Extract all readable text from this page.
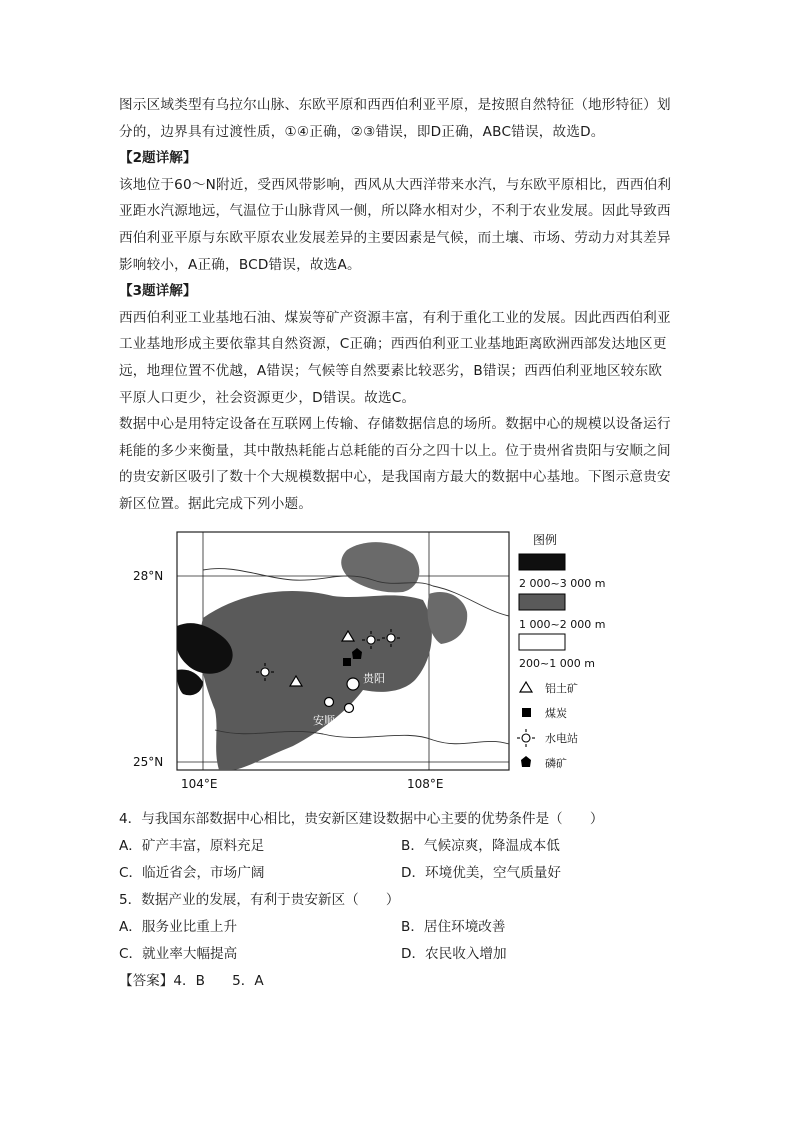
图示区域类型有乌拉尔山脉、东欧平原和西西伯利亚平原，是按照自然特征（地形特征）划

分的，边界具有过渡性质，①④正确，②③错误，即D正确，ABC错误，故选D。

【2题详解】

该地位于60～N附近，受西风带影响，西风从大西洋带来水汽，与东欧平原相比，西西伯利

亚距水汽源地远，气温位于山脉背风一侧，所以降水相对少，不利于农业发展。因此导致西

西伯利亚平原与东欧平原农业发展差异的主要因素是气候，而土壤、市场、劳动力对其差异

影响较小，A正确，BCD错误，故选A。

【3题详解】

西西伯利亚工业基地石油、煤炭等矿产资源丰富，有利于重化工业的发展。因此西西伯利亚

工业基地形成主要依靠其自然资源，C正确；西西伯利亚工业基地距离欧洲西部发达地区更

远，地理位置不优越，A错误；气候等自然要素比较恶劣，B错误；西西伯利亚地区较东欧

平原人口更少，社会资源更少，D错误。故选C。

数据中心是用特定设备在互联网上传输、存储数据信息的场所。数据中心的规模以设备运行

耗能的多少来衡量，其中散热耗能占总耗能的百分之四十以上。位于贵州省贵阳与安顺之间

的贵安新区吸引了数十个大规模数据中心，是我国南方最大的数据中心基地。下图示意贵安

新区位置。据此完成下列小题。

贵阳
清镇
安顺
28°N
25°N
104°E	108°E
图例
2 000~3 000 m
1 000~2 000 m
200~1 000 m
铝土矿
煤炭
水电站
磷矿

4．与我国东部数据中心相比，贵安新区建设数据中心主要的优势条件是（　　）

A．矿产丰富，原料充足	B．气候凉爽，降温成本低
C．临近省会，市场广阔	D．环境优美，空气质量好

5．数据产业的发展，有利于贵安新区（　　）

A．服务业比重上升	B．居住环境改善
C．就业率大幅提高	D．农民收入增加

【答案】4．B　　5．A
